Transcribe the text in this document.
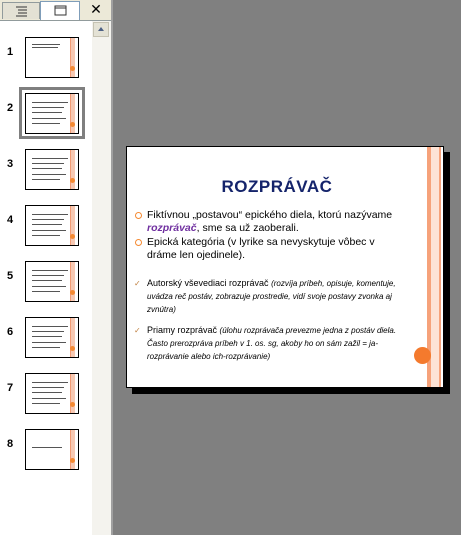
✕
1
2
3
4
5
6
7
8
ROZPRÁVAČ
Fiktívnou „postavou“ epického diela, ktorú nazývame rozprávač, sme sa už zaoberali.
Epická kategória (v lyrike sa nevyskytuje vôbec v dráme len ojedinele).
✓ Autorský vševediaci rozprávač (rozvíja príbeh, opisuje, komentuje, uvádza reč postáv, zobrazuje prostredie, vidí svoje postavy zvonka aj zvnútra)
✓ Priamy rozprávač (úlohu rozprávača prevezme jedna z postáv diela. Často prerozpráva príbeh v 1. os. sg, akoby ho on sám zažil = ja-rozprávanie alebo ich-rozprávanie)
